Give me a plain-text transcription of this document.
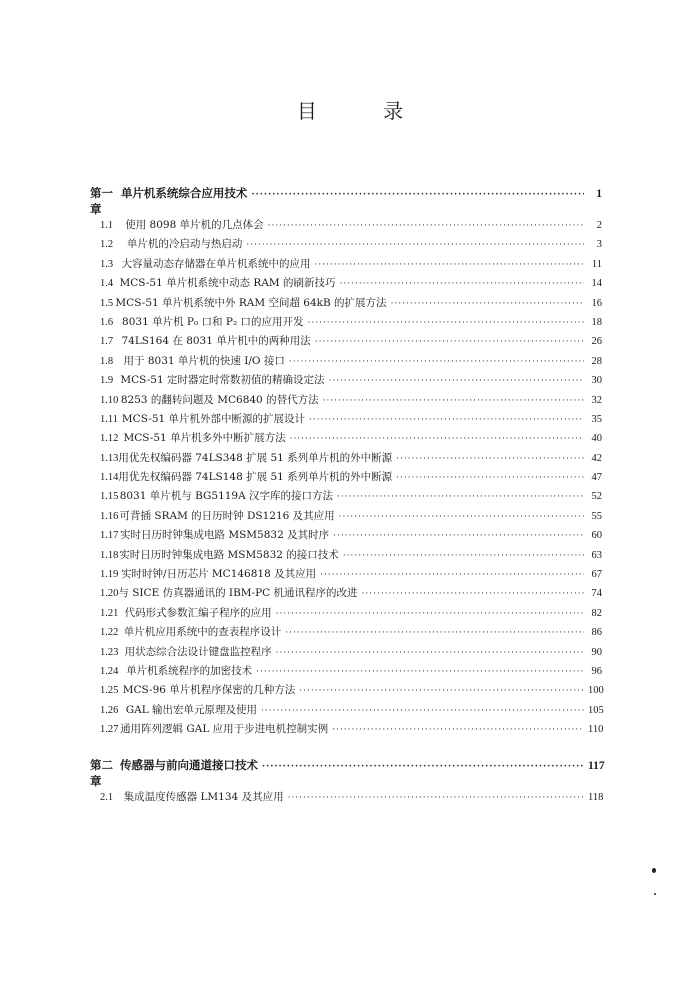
目 录
第一章
单片机系统综合应用技术 ·····	1
1.1	使用 8098 单片机的几点体会 ·····	2
1.2	单片机的冷启动与热启动 ·····	3
1.3 大容量动态存储器在单片机系统中的应用 ·····	11
1.4 MCS-51 单片机系统中动态 RAM 的刷新技巧 ·····	14
1.5 MCS-51 单片机系统中外 RAM 空间超 64kB 的扩展方法 ·····	16
1.6 8031 单片机 P₀ 口和 P₂ 口的应用开发 ·····	18
1.7 74LS164 在 8031 单片机中的两种用法 ·····	26
1.8 用于 8031 单片机的快速 I/O 接口 ·····	28
1.9 MCS-51 定时器定时常数初值的精确设定法 ·····	30
1.10 8253 的翻转问题及 MC6840 的替代方法 ·····	32
1.11 MCS-51 单片机外部中断源的扩展设计 ·····	35
1.12 MCS-51 单片机多外中断扩展方法 ·····	40
1.13 用优先权编码器 74LS348 扩展 51 系列单片机的外中断源 ·····	42
1.14 用优先权编码器 74LS148 扩展 51 系列单片机的外中断源 ·····	47
1.15 8031 单片机与 BG5119A 汉字库的接口方法 ·····	52
1.16 可背插 SRAM 的日历时钟 DS1216 及其应用 ·····	55
1.17 实时日历时钟集成电路 MSM5832 及其时序 ·····	60
1.18 实时日历时钟集成电路 MSM5832 的接口技术 ·····	63
1.19 实时时钟/日历芯片 MC146818 及其应用 ·····	67
1.20 与 SICE 仿真器通讯的 IBM-PC 机通讯程序的改进 ·····	74
1.21 代码形式参数汇编子程序的应用 ·····	82
1.22 单片机应用系统中的查表程序设计 ·····	86
1.23 用状态综合法设计键盘监控程序 ·····	90
1.24 单片机系统程序的加密技术 ·····	96
1.25 MCS-96 单片机程序保密的几种方法 ·····	100
1.26 GAL 输出宏单元原理及使用 ·····	105
1.27 通用阵列逻辑 GAL 应用于步进电机控制实例 ·····	110
第二章
传感器与前向通道接口技术 ·····	117
2.1	集成温度传感器 LM134 及其应用 ·····	118
